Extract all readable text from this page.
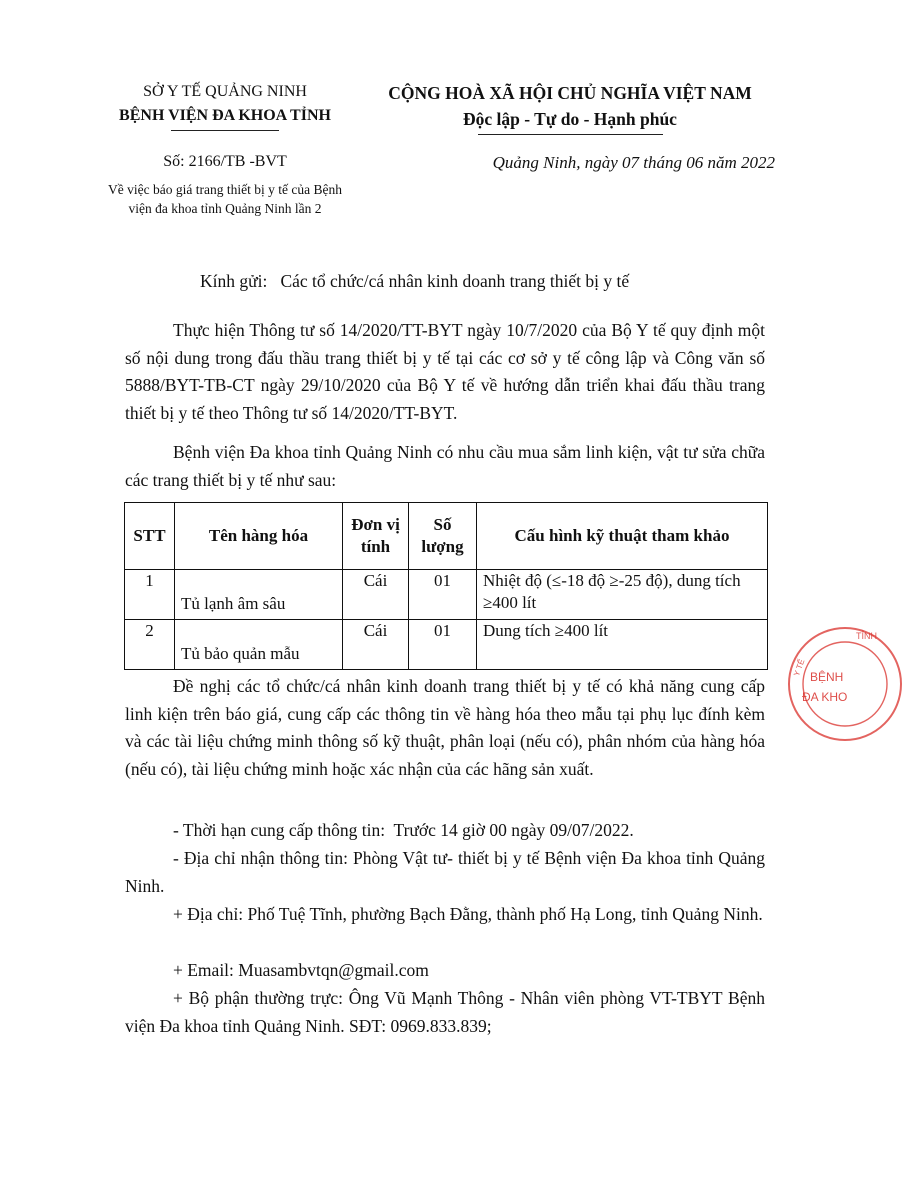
SỞ Y TẾ QUẢNG NINH
BỆNH VIỆN ĐA KHOA TỈNH
CỘNG HOÀ XÃ HỘI CHỦ NGHĨA VIỆT NAM
Độc lập - Tự do - Hạnh phúc
Số: 2166/TB -BVT
Về việc báo giá trang thiết bị y tế của Bệnh
viện đa khoa tỉnh Quảng Ninh lần 2
Quảng Ninh, ngày 07 tháng 06 năm 2022
Kính gửi:   Các tổ chức/cá nhân kinh doanh trang thiết bị y tế
Thực hiện Thông tư số 14/2020/TT-BYT ngày 10/7/2020 của Bộ Y tế quy định một số nội dung trong đấu thầu trang thiết bị y tế tại các cơ sở y tế công lập và Công văn số 5888/BYT-TB-CT ngày 29/10/2020 của Bộ Y tế về hướng dẫn triển khai đấu thầu trang thiết bị y tế theo Thông tư số 14/2020/TT-BYT.
Bệnh viện Đa khoa tỉnh Quảng Ninh có nhu cầu mua sắm linh kiện, vật tư sửa chữa các trang thiết bị y tế như sau:
STT	Tên hàng hóa	Đơn vị tính	Số lượng	Cấu hình kỹ thuật tham khảo
1	Tủ lạnh âm sâu	Cái	01	Nhiệt độ (≤-18 độ ≥-25 độ), dung tích ≥400 lít
2	Tủ bảo quản mẫu	Cái	01	Dung tích ≥400 lít
Đề nghị các tổ chức/cá nhân kinh doanh trang thiết bị y tế có khả năng cung cấp linh kiện trên báo giá, cung cấp các thông tin về hàng hóa theo mẫu tại phụ lục đính kèm và các tài liệu chứng minh thông số kỹ thuật, phân loại (nếu có), phân nhóm của hàng hóa (nếu có), tài liệu chứng minh hoặc xác nhận của các hãng sản xuất.
- Thời hạn cung cấp thông tin:  Trước 14 giờ 00 ngày 09/07/2022.
- Địa chỉ nhận thông tin: Phòng Vật tư- thiết bị y tế Bệnh viện Đa khoa tỉnh Quảng Ninh.
+ Địa chỉ: Phố Tuệ Tĩnh, phường Bạch Đằng, thành phố Hạ Long, tỉnh Quảng Ninh.
+ Email: Muasambvtqn@gmail.com
+ Bộ phận thường trực: Ông Vũ Mạnh Thông - Nhân viên phòng VT-TBYT Bệnh viện Đa khoa tỉnh Quảng Ninh. SĐT: 0969.833.839;
TỈNH
Y TẾ BỆNH
ĐA KHO
